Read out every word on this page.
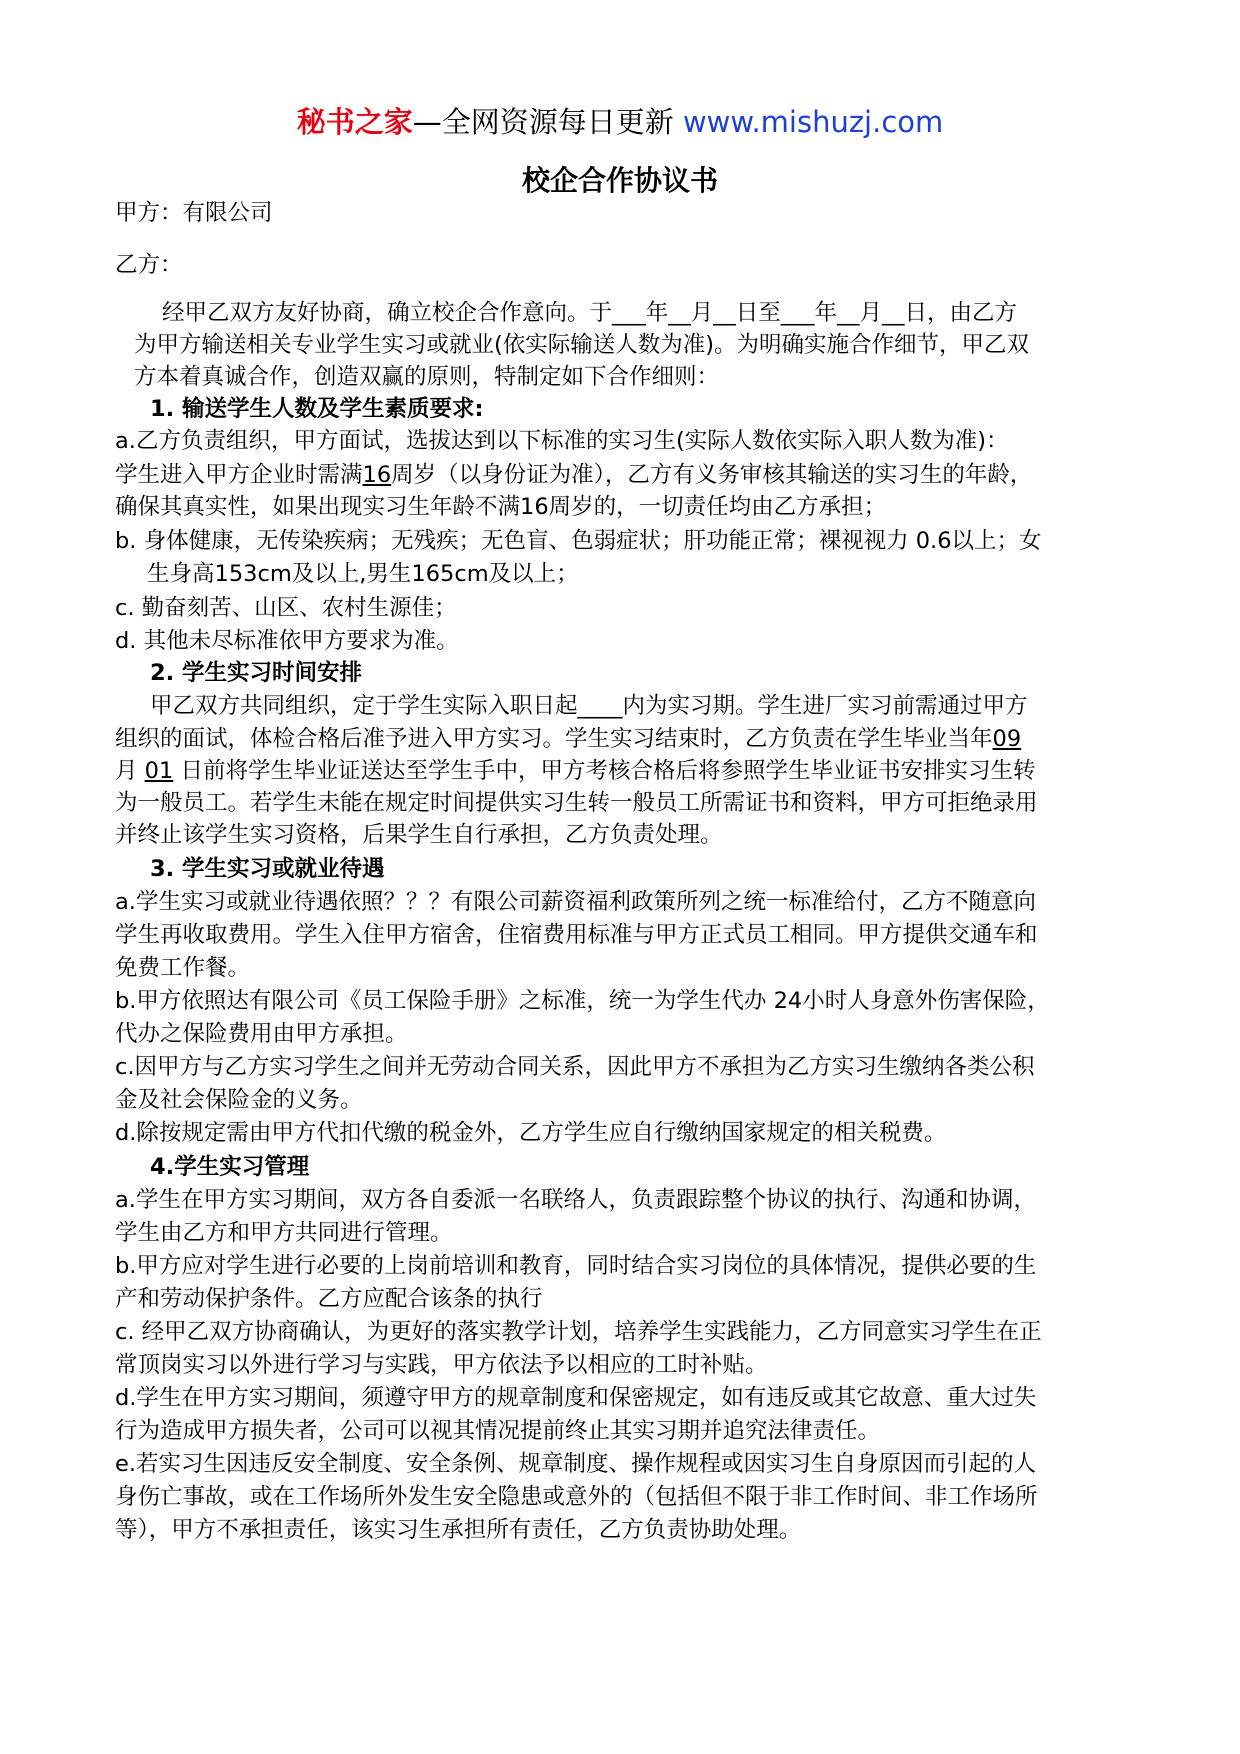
秘书之家—全网资源每日更新 www.mishuzj.com
校企合作协议书
甲方：有限公司
乙方：
经甲乙双方友好协商，确立校企合作意向。于___年__月__日至___年__月__日，由乙方
为甲方输送相关专业学生实习或就业(依实际输送人数为准)。为明确实施合作细节，甲乙双
方本着真诚合作，创造双赢的原则，特制定如下合作细则：
1. 输送学生人数及学生素质要求:
a.乙方负责组织，甲方面试，选拔达到以下标准的实习生(实际人数依实际入职人数为准)：
学生进入甲方企业时需满16周岁（以身份证为准），乙方有义务审核其输送的实习生的年龄，
确保其真实性，如果出现实习生年龄不满16周岁的，一切责任均由乙方承担；
b. 身体健康，无传染疾病；无残疾；无色盲、色弱症状；肝功能正常；裸视视力 0.6以上；女
生身高153cm及以上,男生165cm及以上；
c. 勤奋刻苦、山区、农村生源佳；
d. 其他未尽标准依甲方要求为准。
2. 学生实习时间安排
甲乙双方共同组织，定于学生实际入职日起____内为实习期。学生进厂实习前需通过甲方
组织的面试，体检合格后准予进入甲方实习。学生实习结束时，乙方负责在学生毕业当年09
月 01 日前将学生毕业证送达至学生手中，甲方考核合格后将参照学生毕业证书安排实习生转
为一般员工。若学生未能在规定时间提供实习生转一般员工所需证书和资料，甲方可拒绝录用
并终止该学生实习资格，后果学生自行承担，乙方负责处理。
3. 学生实习或就业待遇
a.学生实习或就业待遇依照？？？有限公司薪资福利政策所列之统一标准给付，乙方不随意向
学生再收取费用。学生入住甲方宿舍，住宿费用标准与甲方正式员工相同。甲方提供交通车和
免费工作餐。
b.甲方依照达有限公司《员工保险手册》之标准，统一为学生代办 24小时人身意外伤害保险，
代办之保险费用由甲方承担。
c.因甲方与乙方实习学生之间并无劳动合同关系，因此甲方不承担为乙方实习生缴纳各类公积
金及社会保险金的义务。
d.除按规定需由甲方代扣代缴的税金外，乙方学生应自行缴纳国家规定的相关税费。
4.学生实习管理
a.学生在甲方实习期间，双方各自委派一名联络人，负责跟踪整个协议的执行、沟通和协调，
学生由乙方和甲方共同进行管理。
b.甲方应对学生进行必要的上岗前培训和教育，同时结合实习岗位的具体情况，提供必要的生
产和劳动保护条件。乙方应配合该条的执行
c. 经甲乙双方协商确认，为更好的落实教学计划，培养学生实践能力，乙方同意实习学生在正
常顶岗实习以外进行学习与实践，甲方依法予以相应的工时补贴。
d.学生在甲方实习期间，须遵守甲方的规章制度和保密规定，如有违反或其它故意、重大过失
行为造成甲方损失者，公司可以视其情况提前终止其实习期并追究法律责任。
e.若实习生因违反安全制度、安全条例、规章制度、操作规程或因实习生自身原因而引起的人
身伤亡事故，或在工作场所外发生安全隐患或意外的（包括但不限于非工作时间、非工作场所
等），甲方不承担责任，该实习生承担所有责任，乙方负责协助处理。
